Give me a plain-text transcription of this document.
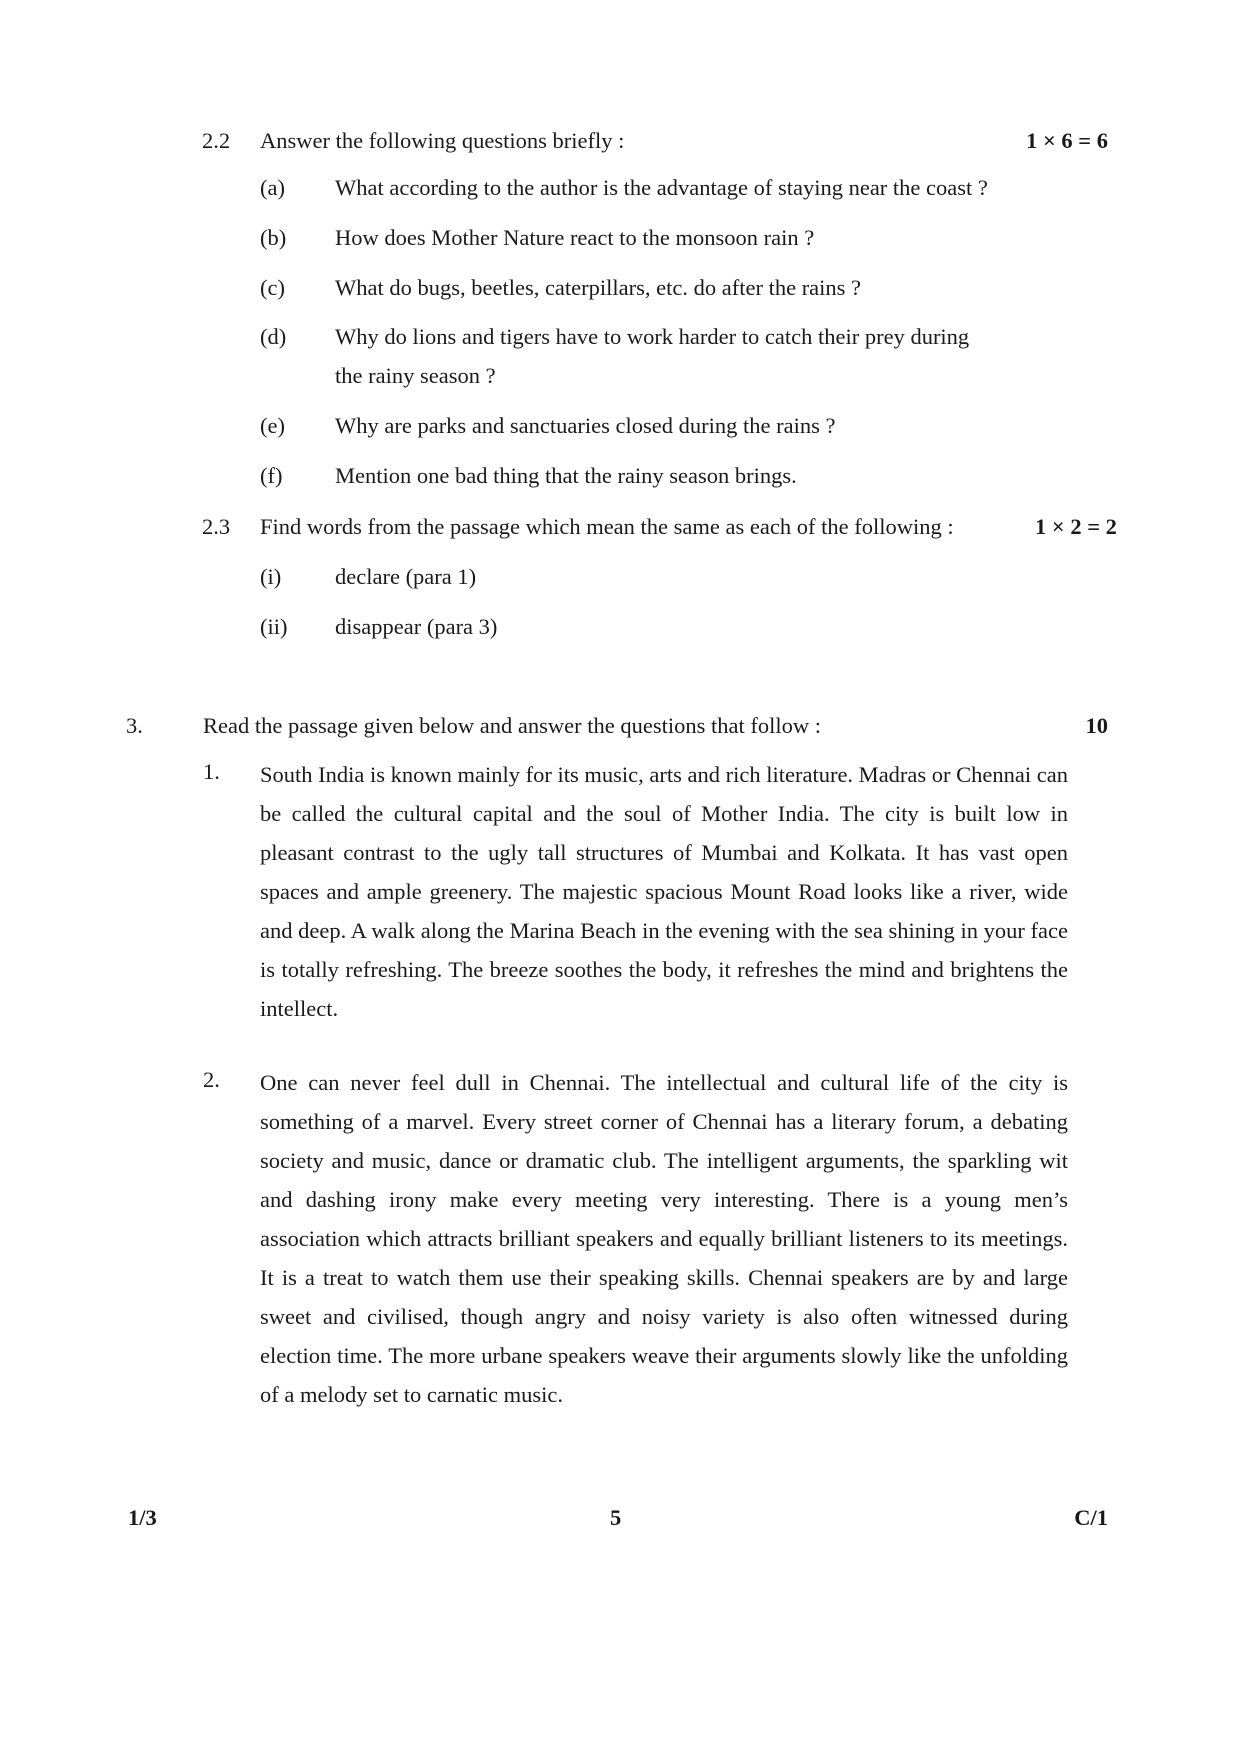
2.2 Answer the following questions briefly :	1 × 6 = 6
(a) What according to the author is the advantage of staying near the coast ?
(b) How does Mother Nature react to the monsoon rain ?
(c) What do bugs, beetles, caterpillars, etc. do after the rains ?
(d) Why do lions and tigers have to work harder to catch their prey during
the rainy season ?
(e) Why are parks and sanctuaries closed during the rains ?
(f) Mention one bad thing that the rainy season brings.
2.3 Find words from the passage which mean the same as each of the following :	1 × 2 = 2
(i) declare (para 1)
(ii) disappear (para 3)
3.	Read the passage given below and answer the questions that follow :	10
1. South India is known mainly for its music, arts and rich literature. Madras or Chennai can be called the cultural capital and the soul of Mother India. The city is built low in pleasant contrast to the ugly tall structures of Mumbai and Kolkata. It has vast open spaces and ample greenery. The majestic spacious Mount Road looks like a river, wide and deep. A walk along the Marina Beach in the evening with the sea shining in your face is totally refreshing. The breeze soothes the body, it refreshes the mind and brightens the intellect.
2. One can never feel dull in Chennai. The intellectual and cultural life of the city is something of a marvel. Every street corner of Chennai has a literary forum, a debating society and music, dance or dramatic club. The intelligent arguments, the sparkling wit and dashing irony make every meeting very interesting. There is a young men’s association which attracts brilliant speakers and equally brilliant listeners to its meetings. It is a treat to watch them use their speaking skills. Chennai speakers are by and large sweet and civilised, though angry and noisy variety is also often witnessed during election time. The more urbane speakers weave their arguments slowly like the unfolding of a melody set to carnatic music.
1/3	5	C/1
